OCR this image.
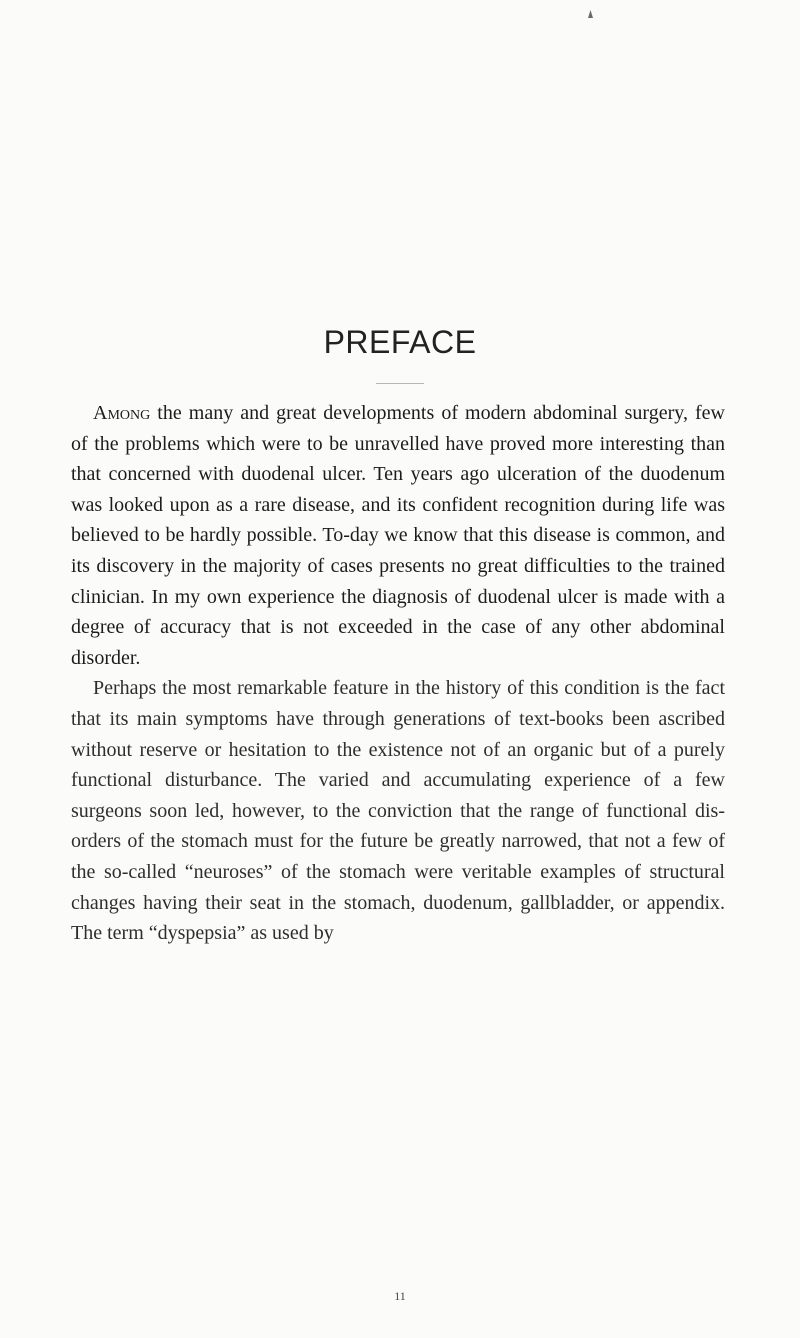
PREFACE

Among the many and great developments of modern abdominal surgery, few of the problems which were to be unravelled have proved more interesting than that concerned with duodenal ulcer. Ten years ago ulceration of the duodenum was looked upon as a rare disease, and its confident recognition during life was believed to be hardly possible. To-day we know that this disease is common, and its discovery in the majority of cases presents no great difficulties to the trained clinician. In my own experience the diagnosis of duodenal ulcer is made with a degree of accuracy that is not exceeded in the case of any other abdominal disorder.

Perhaps the most remarkable feature in the history of this condition is the fact that its main symptoms have through generations of text-books been ascribed without reserve or hesitation to the existence not of an organic but of a purely functional disturbance. The varied and accumulating experience of a few surgeons soon led, however, to the conviction that the range of functional disorders of the stomach must for the future be greatly narrowed, that not a few of the so-called “neuroses” of the stomach were veritable examples of structural changes having their seat in the stomach, duodenum, gallbladder, or appendix. The term “dyspepsia” as used by

11
